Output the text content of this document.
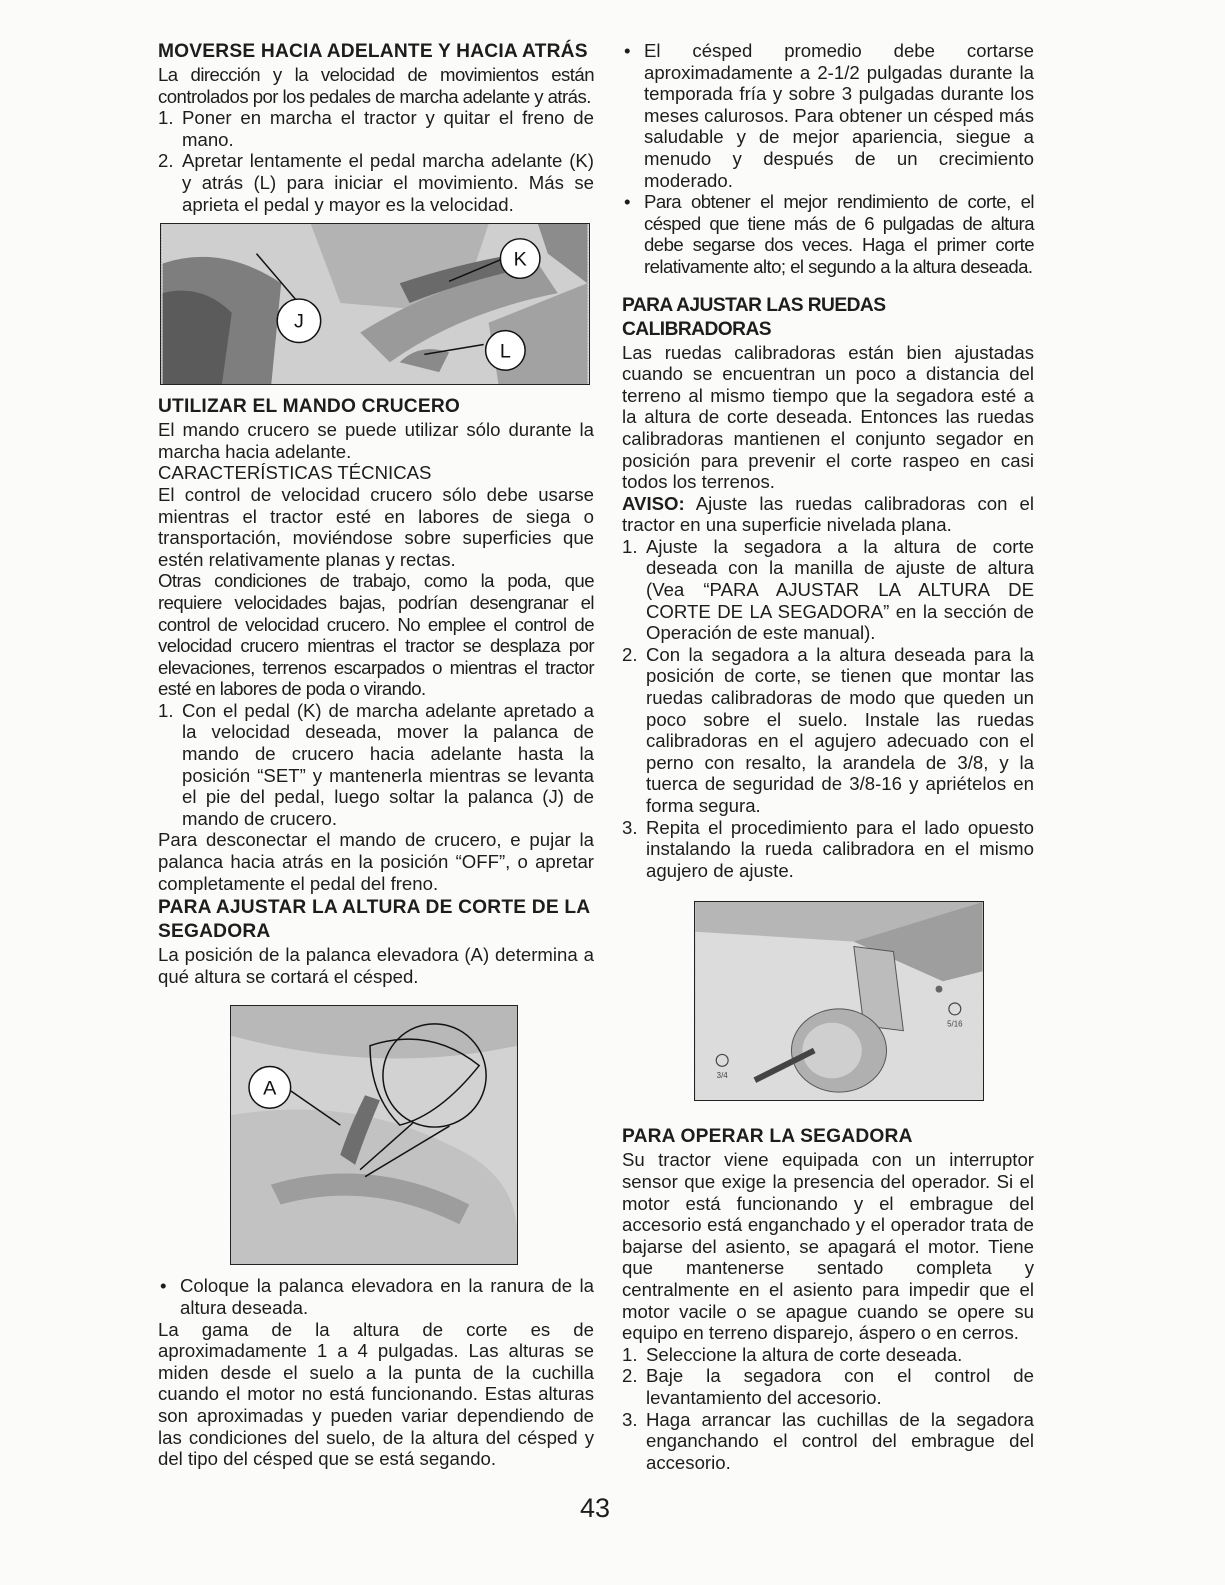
MOVERSE HACIA ADELANTE Y HACIA ATRÁS

La dirección y la velocidad de movimientos están controlados por los pedales de marcha adelante y atrás.

1. Poner en marcha el tractor y quitar el freno de mano.
2. Apretar lentamente el pedal marcha adelante (K) y atrás (L) para iniciar el movimiento. Más se aprieta el pedal y mayor es la velocidad.
K
J
L
UTILIZAR EL MANDO CRUCERO

El mando crucero se puede utilizar sólo durante la marcha hacia adelante.

CARACTERÍSTICAS TÉCNICAS

El control de velocidad crucero sólo debe usarse mientras el tractor esté en labores de siega o transportación, moviéndose sobre superficies que estén relativamente planas y rectas.

Otras condiciones de trabajo, como la poda, que requiere velocidades bajas, podrían desengranar el control de velocidad crucero. No emplee el control de velocidad crucero mientras el tractor se desplaza por elevaciones, terrenos escarpados o mientras el tractor esté en labores de poda o virando.

1. Con el pedal (K) de marcha adelante apretado a la velocidad deseada, mover la palanca de mando de crucero hacia adelante hasta la posición “SET” y mantenerla mientras se levanta el pie del pedal, luego soltar la palanca (J) de mando de crucero.

Para desconectar el mando de crucero, e pujar la palanca hacia atrás en la posición “OFF”, o apretar completamente el pedal del freno.

PARA AJUSTAR LA ALTURA DE CORTE DE LA SEGADORA

La posición de la palanca elevadora (A) determina a qué altura se cortará el césped.

A
• Coloque la palanca elevadora en la ranura de la altura deseada.

La gama de la altura de corte es de aproximadamente 1 a 4 pulgadas. Las alturas se miden desde el suelo a la punta de la cuchilla cuando el motor no está funcionando. Estas alturas son aproximadas y pueden variar dependiendo de las condiciones del suelo, de la altura del césped y del tipo del césped que se está segando.

• El césped promedio debe cortarse aproximadamente a 2-1/2 pulgadas durante la temporada fría y sobre 3 pulgadas durante los meses calurosos. Para obtener un césped más saludable y de mejor apariencia, siegue a menudo y después de un crecimiento moderado.
• Para obtener el mejor rendimiento de corte, el césped que tiene más de 6 pulgadas de altura debe segarse dos veces. Haga el primer corte relativamente alto; el segundo a la altura deseada.
PARA AJUSTAR LAS RUEDAS CALIBRADORAS

Las ruedas calibradoras están bien ajustadas cuando se encuentran un poco a distancia del terreno al mismo tiempo que la segadora esté a la altura de corte deseada. Entonces las ruedas calibradoras mantienen el conjunto segador en posición para prevenir el corte raspeo en casi todos los terrenos.

AVISO: Ajuste las ruedas calibradoras con el tractor en una superficie nivelada plana.

1. Ajuste la segadora a la altura de corte deseada con la manilla de ajuste de altura (Vea “PARA AJUSTAR LA ALTURA DE CORTE DE LA SEGADORA” en la sección de Operación de este manual).
2. Con la segadora a la altura deseada para la posición de corte, se tienen que montar las ruedas calibradoras de modo que queden un poco sobre el suelo. Instale las ruedas calibradoras en el agujero adecuado con el perno con resalto, la arandela de 3/8, y la tuerca de seguridad de 3/8-16 y apriételos en forma segura.
3. Repita el procedimiento para el lado opuesto instalando la rueda calibradora en el mismo agujero de ajuste.
5/16
3/4
PARA OPERAR LA SEGADORA

Su tractor viene equipada con un interruptor sensor que exige la presencia del operador. Si el motor está funcionando y el embrague del accesorio está enganchado y el operador trata de bajarse del asiento, se apagará el motor. Tiene que mantenerse sentado completa y centralmente en el asiento para impedir que el motor vacile o se apague cuando se opere su equipo en terreno disparejo, áspero o en cerros.

1. Seleccione la altura de corte deseada.
2. Baje la segadora con el control de levantamiento del accesorio.
3. Haga arrancar las cuchillas de la segadora enganchando el control del embrague del accesorio.
43
